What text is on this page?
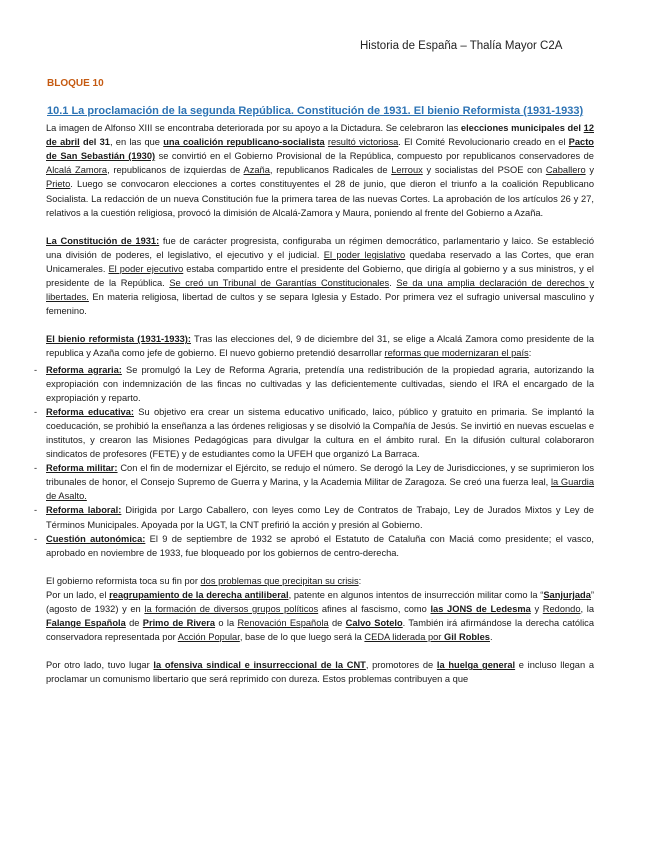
Historia de España – Thalía Mayor C2A
BLOQUE 10
10.1 La proclamación de la segunda República. Constitución de 1931. El bienio Reformista (1931-1933)

La imagen de Alfonso XIII se encontraba deteriorada por su apoyo a la Dictadura. Se celebraron las elecciones municipales del 12 de abril del 31, en las que una coalición republicano-socialista resultó victoriosa. El Comité Revolucionario creado en el Pacto de San Sebastián (1930) se convirtió en el Gobierno Provisional de la República, compuesto por republicanos conservadores de Alcalá Zamora, republicanos de izquierdas de Azaña, republicanos Radicales de Lerroux y socialistas del PSOE con Caballero y Prieto. Luego se convocaron elecciones a cortes constituyentes el 28 de junio, que dieron el triunfo a la coalición Republicano Socialista. La redacción de un nueva Constitución fue la primera tarea de las nuevas Cortes. La aprobación de los artículos 26 y 27, relativos a la cuestión religiosa, provocó la dimisión de Alcalá-Zamora y Maura, poniendo al frente del Gobierno a Azaña.

La Constitución de 1931: fue de carácter progresista, configuraba un régimen democrático, parlamentario y laico. Se estableció una división de poderes, el legislativo, el ejecutivo y el judicial. El poder legislativo quedaba reservado a las Cortes, que eran Unicamerales. El poder ejecutivo estaba compartido entre el presidente del Gobierno, que dirigía al gobierno y a sus ministros, y el presidente de la República. Se creó un Tribunal de Garantías Constitucionales. Se da una amplia declaración de derechos y libertades. En materia religiosa, libertad de cultos y se separa Iglesia y Estado. Por primera vez el sufragio universal masculino y femenino.

El bienio reformista (1931-1933): Tras las elecciones del, 9 de diciembre del 31, se elige a Alcalá Zamora como presidente de la republica y Azaña como jefe de gobierno. El nuevo gobierno pretendió desarrollar reformas que modernizaran el país:

- Reforma agraria: Se promulgó la Ley de Reforma Agraria, pretendía una redistribución de la propiedad agraria, autorizando la expropiación con indemnización de las fincas no cultivadas y las deficientemente cultivadas, siendo el IRA el encargado de la expropiación y reparto.
- Reforma educativa: Su objetivo era crear un sistema educativo unificado, laico, público y gratuito en primaria. Se implantó la coeducación, se prohibió la enseñanza a las órdenes religiosas y se disolvió la Compañía de Jesús. Se invirtió en nuevas escuelas e institutos, y crearon las Misiones Pedagógicas para divulgar la cultura en el ámbito rural. En la difusión cultural colaboraron sindicatos de profesores (FETE) y de estudiantes como la UFEH que organizó La Barraca.
- Reforma militar: Con el fin de modernizar el Ejército, se redujo el número. Se derogó la Ley de Jurisdicciones, y se suprimieron los tribunales de honor, el Consejo Supremo de Guerra y Marina, y la Academia Militar de Zaragoza. Se creó una fuerza leal, la Guardia de Asalto.
- Reforma laboral: Dirigida por Largo Caballero, con leyes como Ley de Contratos de Trabajo, Ley de Jurados Mixtos y Ley de Términos Municipales. Apoyada por la UGT, la CNT prefirió la acción y presión al Gobierno.
- Cuestión autonómica: El 9 de septiembre de 1932 se aprobó el Estatuto de Cataluña con Maciá como presidente; el vasco, aprobado en noviembre de 1933, fue bloqueado por los gobiernos de centro-derecha.

El gobierno reformista toca su fin por dos problemas que precipitan su crisis:
Por un lado, el reagrupamiento de la derecha antiliberal, patente en algunos intentos de insurrección militar como la “Sanjurjada” (agosto de 1932) y en la formación de diversos grupos políticos afines al fascismo, como las JONS de Ledesma y Redondo, la Falange Española de Primo de Rivera o la Renovación Española de Calvo Sotelo. También irá afirmándose la derecha católica conservadora representada por Acción Popular, base de lo que luego será la CEDA liderada por Gil Robles.

Por otro lado, tuvo lugar la ofensiva sindical e insurreccional de la CNT, promotores de la huelga general e incluso llegan a proclamar un comunismo libertario que será reprimido con dureza. Estos problemas contribuyen a que
